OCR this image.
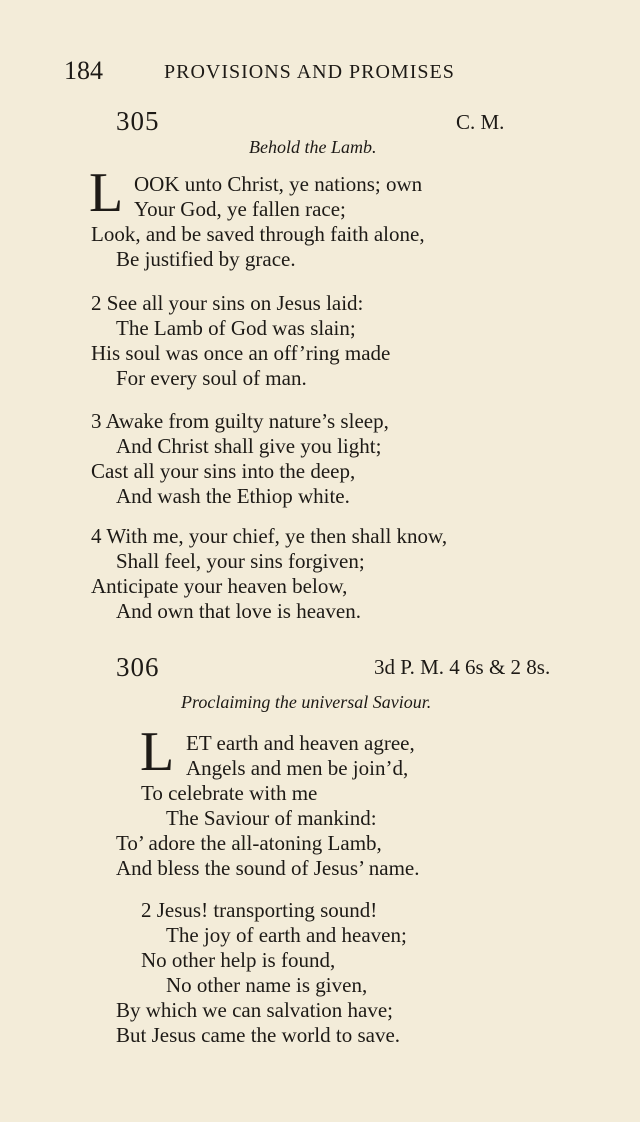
184	PROVISIONS AND PROMISES
305	C. M.
Behold the Lamb.
L OOK unto Christ, ye nations; own
Your God, ye fallen race;
Look, and be saved through faith alone,
Be justified by grace.
2 See all your sins on Jesus laid:
The Lamb of God was slain;
His soul was once an off’ring made
For every soul of man.
3 Awake from guilty nature’s sleep,
And Christ shall give you light;
Cast all your sins into the deep,
And wash the Ethiop white.
4 With me, your chief, ye then shall know,
Shall feel, your sins forgiven;
Anticipate your heaven below,
And own that love is heaven.
306	3d P. M. 4 6s & 2 8s.
Proclaiming the universal Saviour.
L ET earth and heaven agree,
Angels and men be join’d,
To celebrate with me
The Saviour of mankind:
To’ adore the all-atoning Lamb,
And bless the sound of Jesus’ name.
2 Jesus! transporting sound!
The joy of earth and heaven;
No other help is found,
No other name is given,
By which we can salvation have;
But Jesus came the world to save.
